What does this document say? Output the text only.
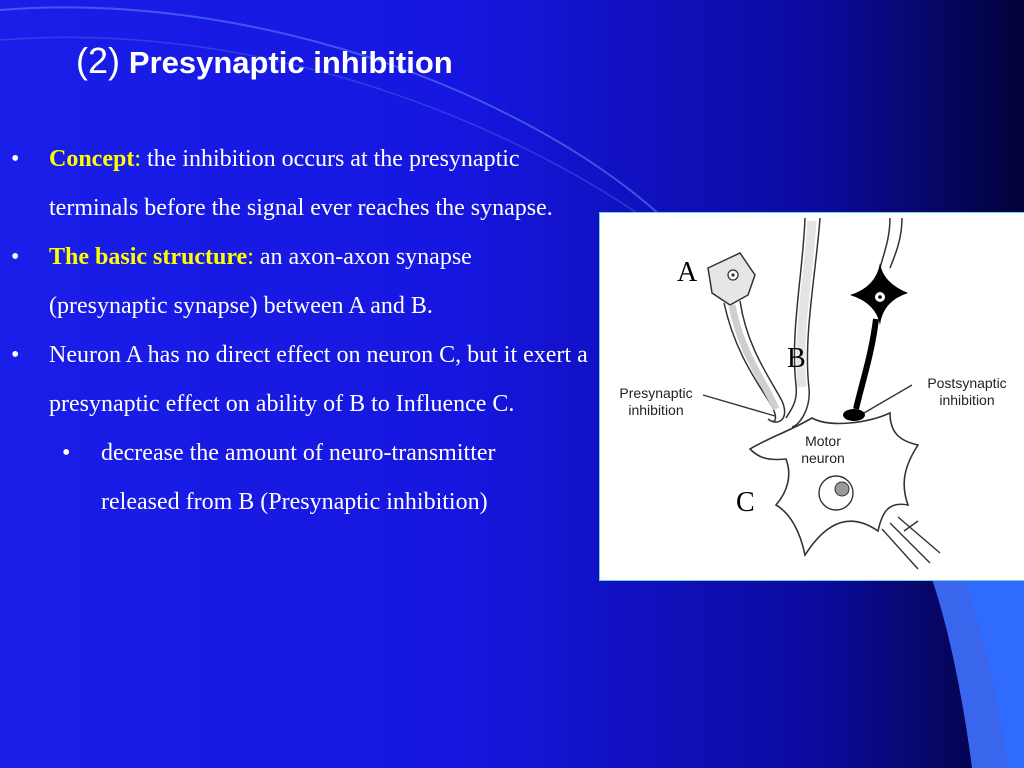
(2) Presynaptic inhibition
• Concept: the inhibition occurs at the presynaptic terminals before the signal ever reaches the synapse.
• The basic structure: an axon-axon synapse (presynaptic synapse) between A and B.
• Neuron A has no direct effect on neuron C, but it exert a presynaptic effect on ability of B to Influence C.
• decrease the amount of neuro-transmitter released from B (Presynaptic inhibition)
A
B
C
Presynaptic
inhibition
Postsynaptic
inhibition
Motor
neuron
